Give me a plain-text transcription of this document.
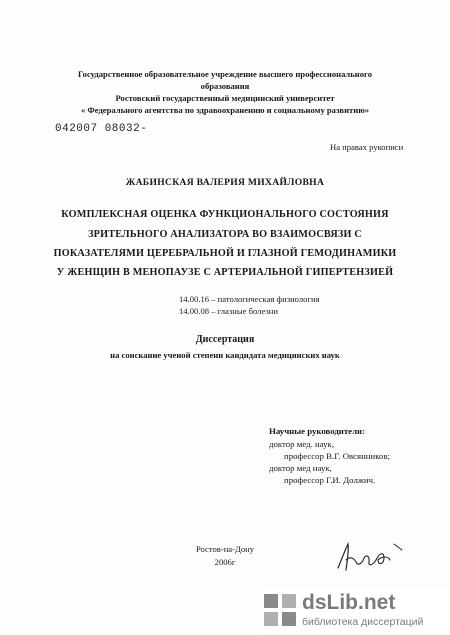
Государственное образовательное учреждение высшего профессионального
образования
Ростовский государственный медицинский университет
« Федерального агентства по здравоохранению и социальному развитию»
042007 08032-
На правах рукописи
ЖАБИНСКАЯ ВАЛЕРИЯ МИХАЙЛОВНА
КОМПЛЕКСНАЯ ОЦЕНКА ФУНКЦИОНАЛЬНОГО СОСТОЯНИЯ
ЗРИТЕЛЬНОГО АНАЛИЗАТОРА ВО ВЗАИМОСВЯЗИ С
ПОКАЗАТЕЛЯМИ ЦЕРЕБРАЛЬНОЙ И ГЛАЗНОЙ ГЕМОДИНАМИКИ
У ЖЕНЩИН В МЕНОПАУЗЕ С АРТЕРИАЛЬНОЙ ГИПЕРТЕНЗИЕЙ
14.00.16 – патологическая физиология
14.00.08 – глазные болезни
Диссертация
на соискание ученой степени кандидата медицинских наук
Научные руководители:
доктор мед. наук,
профессор В.Г. Овсянников;
доктор мед наук,
профессор Г.И. Должич.
Ростов-на-Дону
2006г
dsLib.net
библиотека диссертаций
